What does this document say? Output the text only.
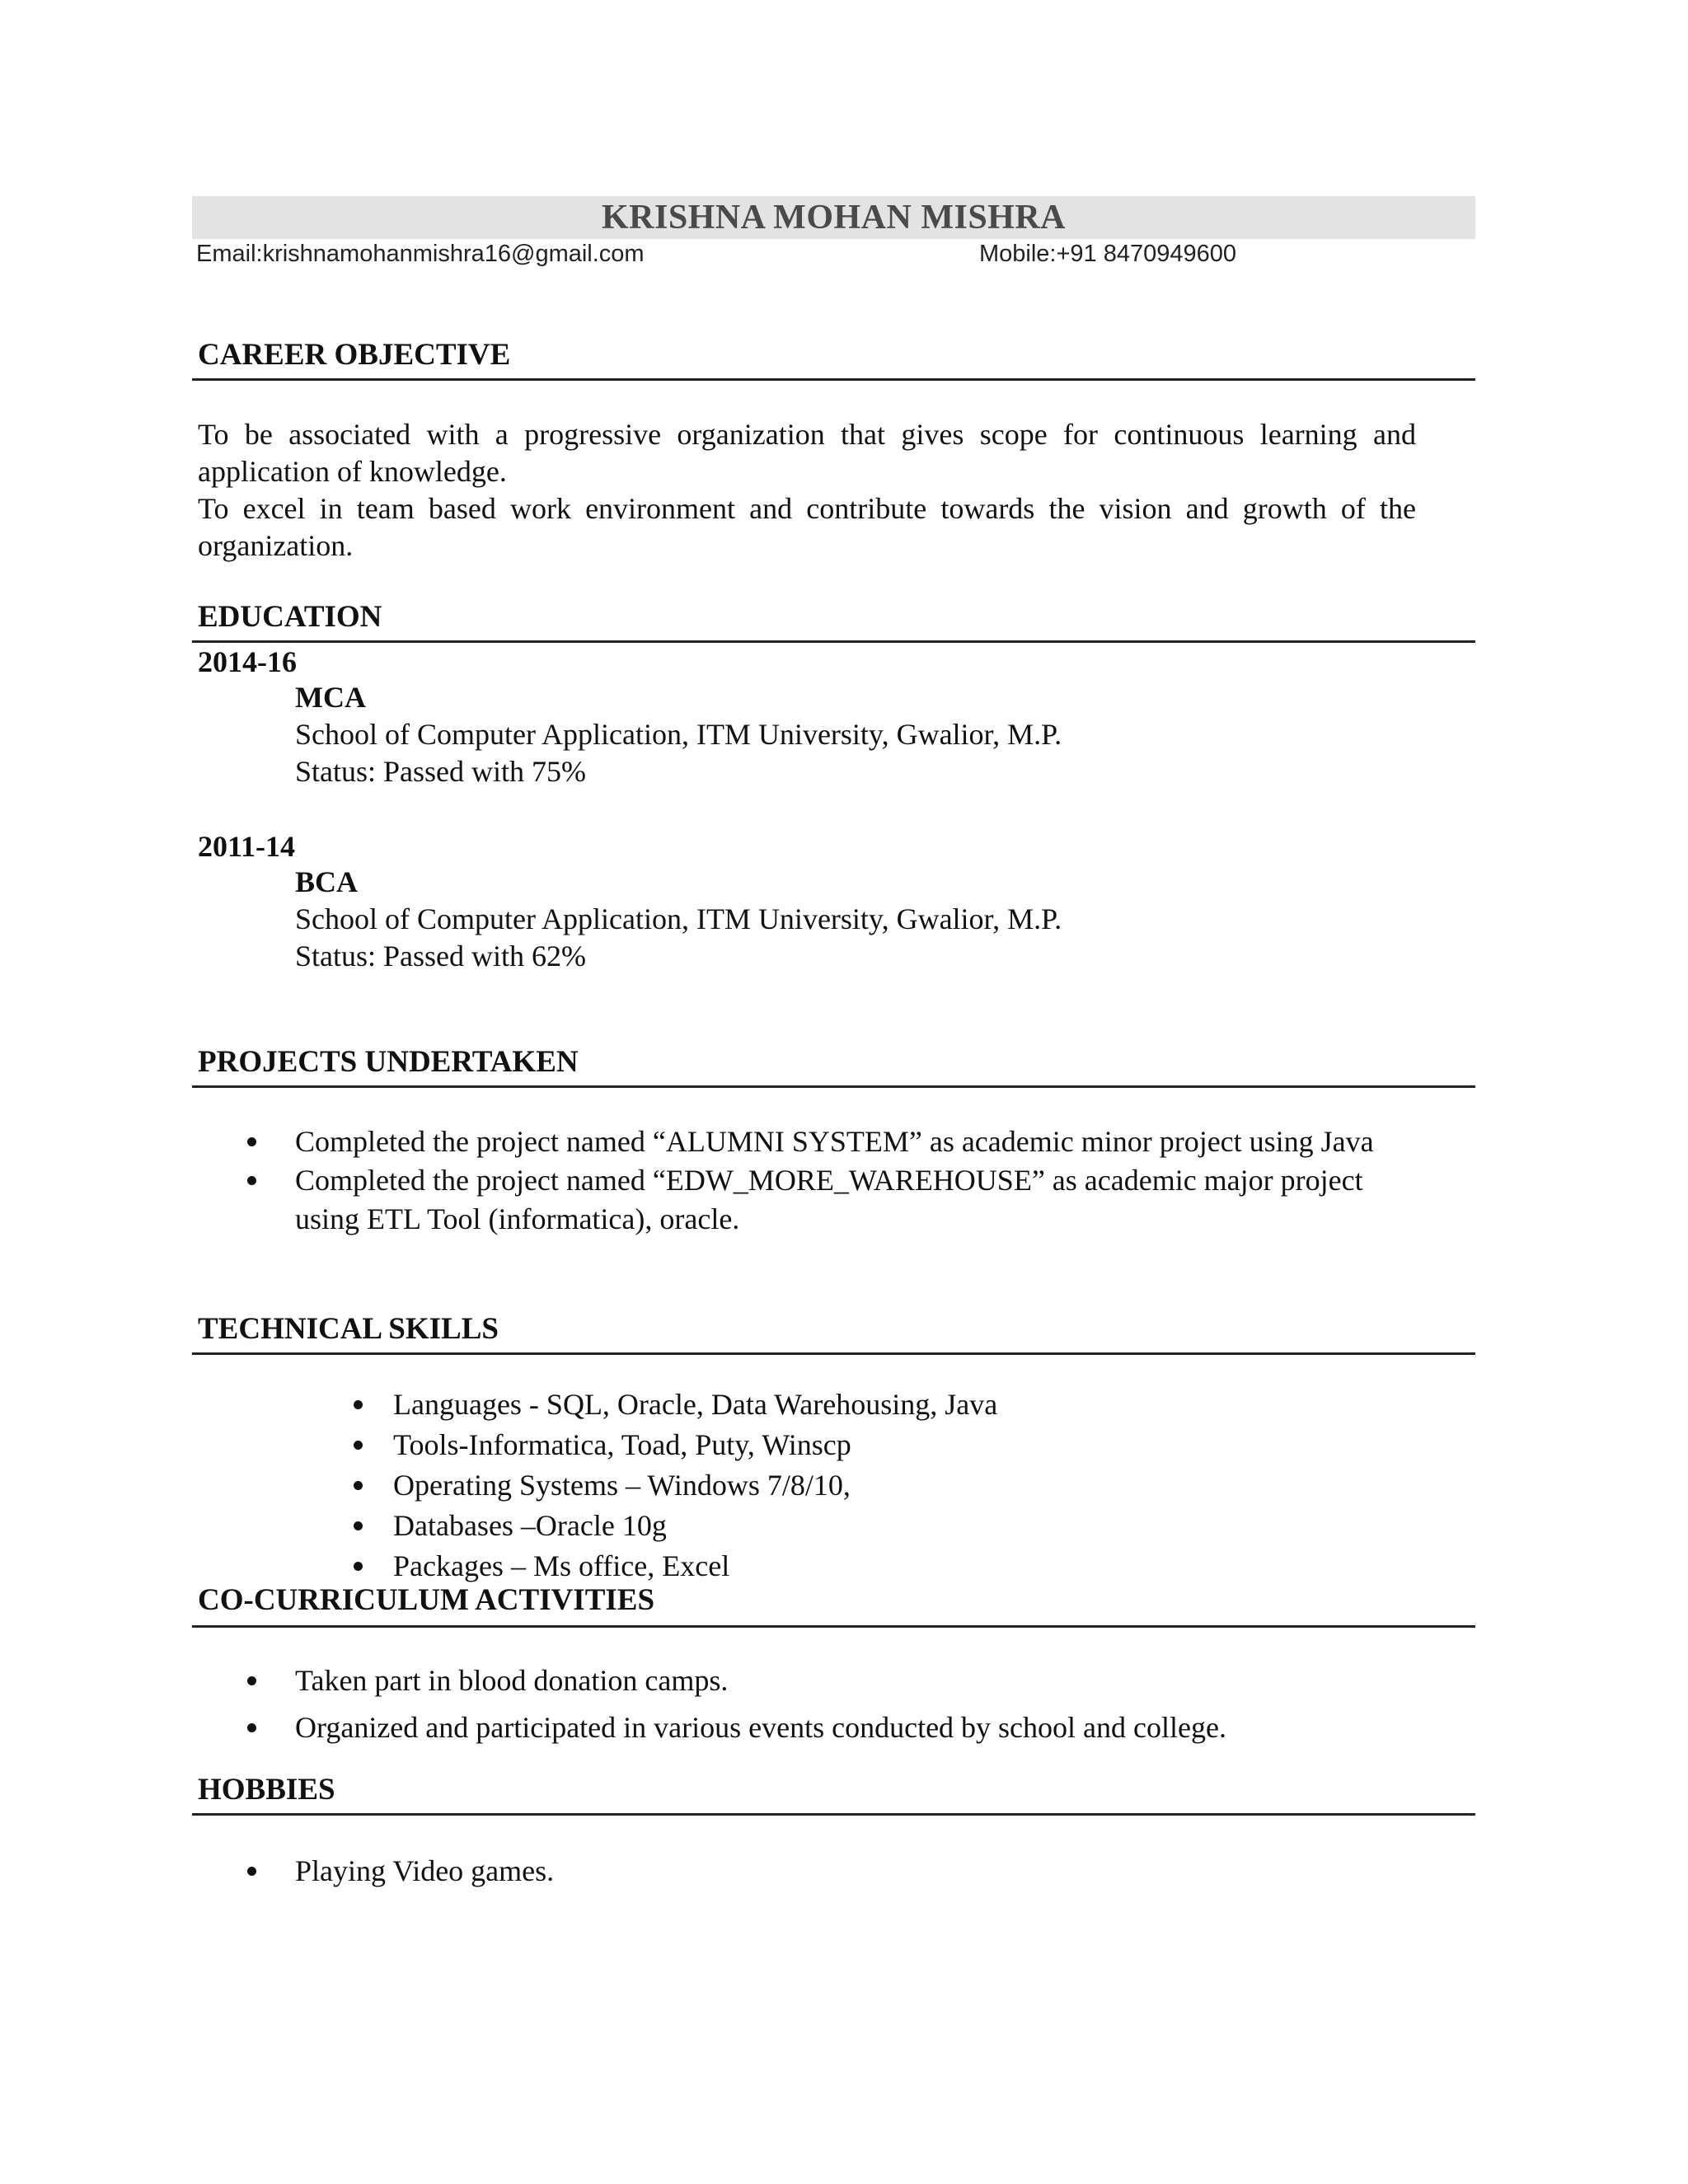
KRISHNA MOHAN MISHRA
Email:krishnamohanmishra16@gmail.com	Mobile:+91 8470949600
CAREER OBJECTIVE

To be associated with a progressive organization that gives scope for continuous learning and application of knowledge.

To excel in team based work environment and contribute towards the vision and growth of the organization.

EDUCATION
2014-16
MCA
School of Computer Application, ITM University, Gwalior, M.P.
Status: Passed with 75%
2011-14
BCA
School of Computer Application, ITM University, Gwalior, M.P.
Status: Passed with 62%
PROJECTS UNDERTAKEN
Completed the project named “ALUMNI SYSTEM” as academic minor project using Java
Completed the project named “EDW_MORE_WAREHOUSE” as academic major project using ETL Tool (informatica), oracle.
TECHNICAL SKILLS
Languages - SQL, Oracle, Data Warehousing, Java
Tools-Informatica, Toad, Puty, Winscp
Operating Systems – Windows 7/8/10,
Databases –Oracle 10g
Packages – Ms office, Excel
CO-CURRICULUM ACTIVITIES
Taken part in blood donation camps.
Organized and participated in various events conducted by school and college.
HOBBIES
Playing Video games.
